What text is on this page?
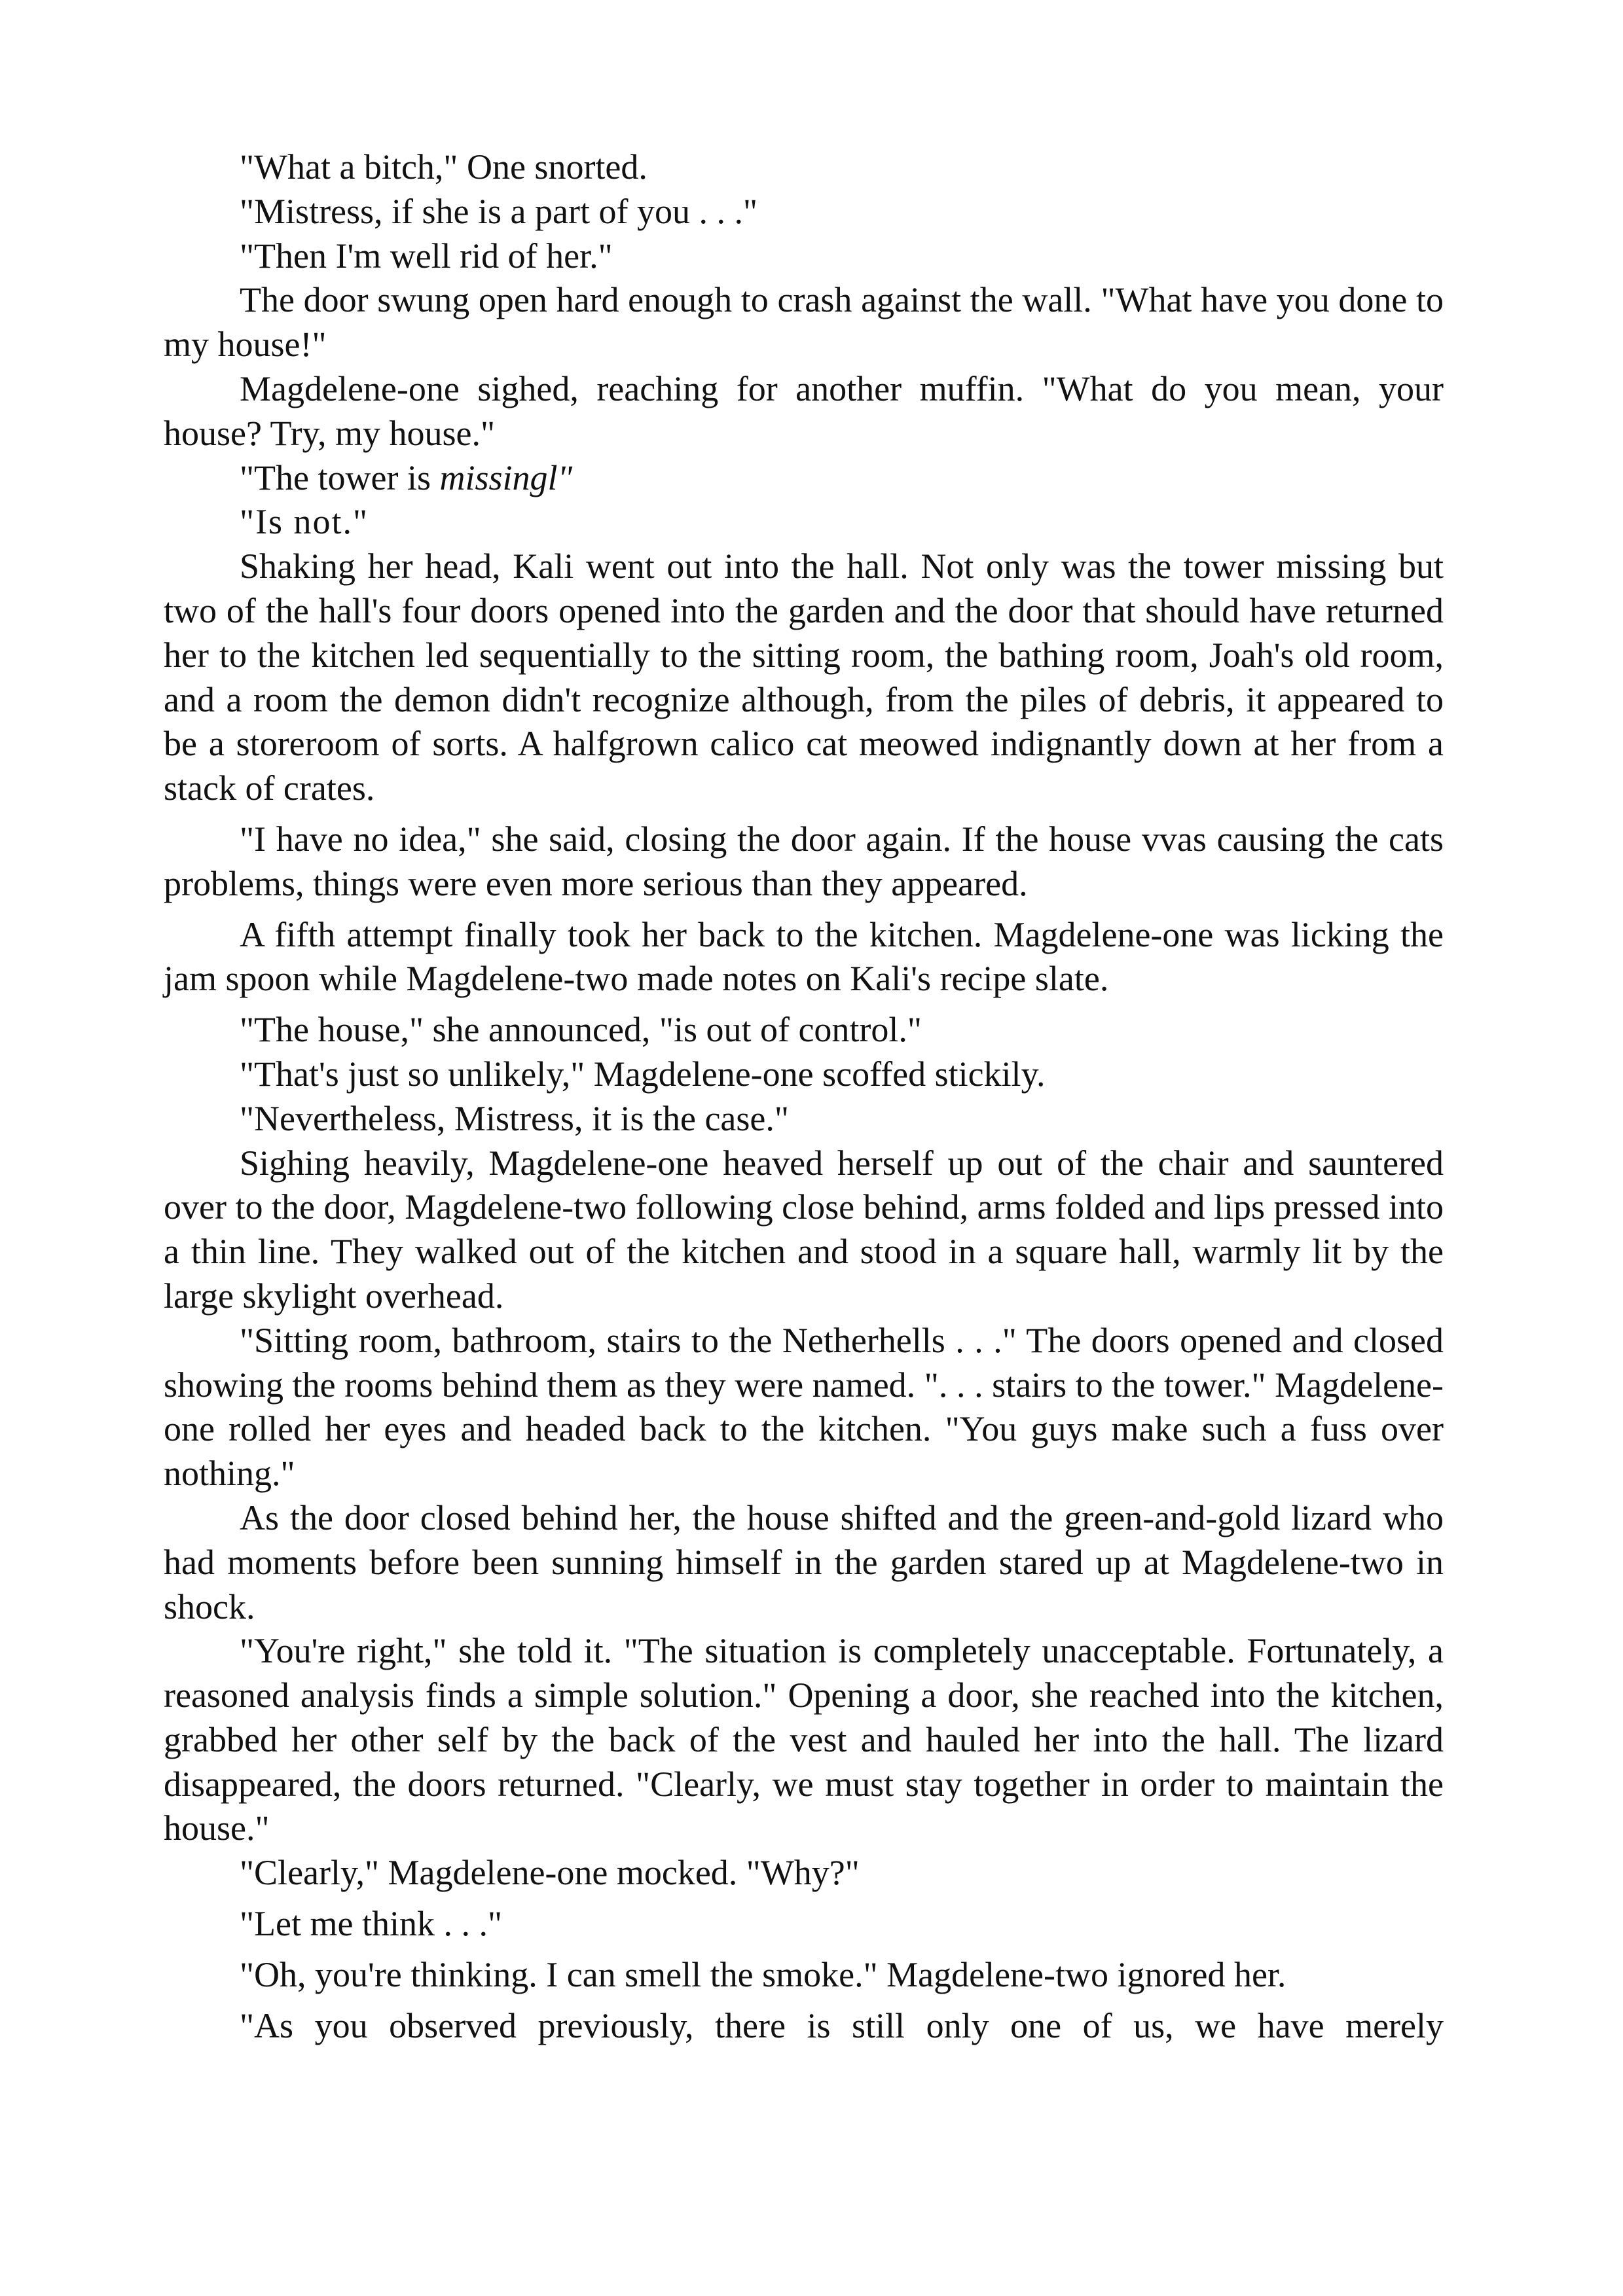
"What a bitch," One snorted.

"Mistress, if she is a part of you . . ."

"Then I'm well rid of her."

The door swung open hard enough to crash against the wall. "What have you done to my house!"

Magdelene-one sighed, reaching for another muffin. "What do you mean, your house? Try, my house."

"The tower is missingl"

"Is not."

Shaking her head, Kali went out into the hall. Not only was the tower missing but two of the hall's four doors opened into the garden and the door that should have returned her to the kitchen led sequentially to the sitting room, the bathing room, Joah's old room, and a room the demon didn't recognize although, from the piles of debris, it appeared to be a storeroom of sorts. A halfgrown calico cat meowed indignantly down at her from a stack of crates.

"I have no idea," she said, closing the door again. If the house vvas causing the cats problems, things were even more serious than they appeared.

A fifth attempt finally took her back to the kitchen. Magdelene-one was licking the jam spoon while Magdelene-two made notes on Kali's recipe slate.

"The house," she announced, "is out of control."

"That's just so unlikely," Magdelene-one scoffed stickily.

"Nevertheless, Mistress, it is the case."

Sighing heavily, Magdelene-one heaved herself up out of the chair and sauntered over to the door, Magdelene-two following close behind, arms folded and lips pressed into a thin line. They walked out of the kitchen and stood in a square hall, warmly lit by the large skylight overhead.

"Sitting room, bathroom, stairs to the Netherhells . . ." The doors opened and closed showing the rooms behind them as they were named. ". . . stairs to the tower." Magdelene-one rolled her eyes and headed back to the kitchen. "You guys make such a fuss over nothing."

As the door closed behind her, the house shifted and the green-and-gold lizard who had moments before been sunning himself in the garden stared up at Magdelene-two in shock.

"You're right," she told it. "The situation is completely unacceptable. Fortunately, a reasoned analysis finds a simple solution." Opening a door, she reached into the kitchen, grabbed her other self by the back of the vest and hauled her into the hall. The lizard disappeared, the doors returned. "Clearly, we must stay together in order to maintain the house."

"Clearly," Magdelene-one mocked. "Why?"

"Let me think . . ."

"Oh, you're thinking. I can smell the smoke." Magdelene-two ignored her.

"As you observed previously, there is still only one of us, we have merely
